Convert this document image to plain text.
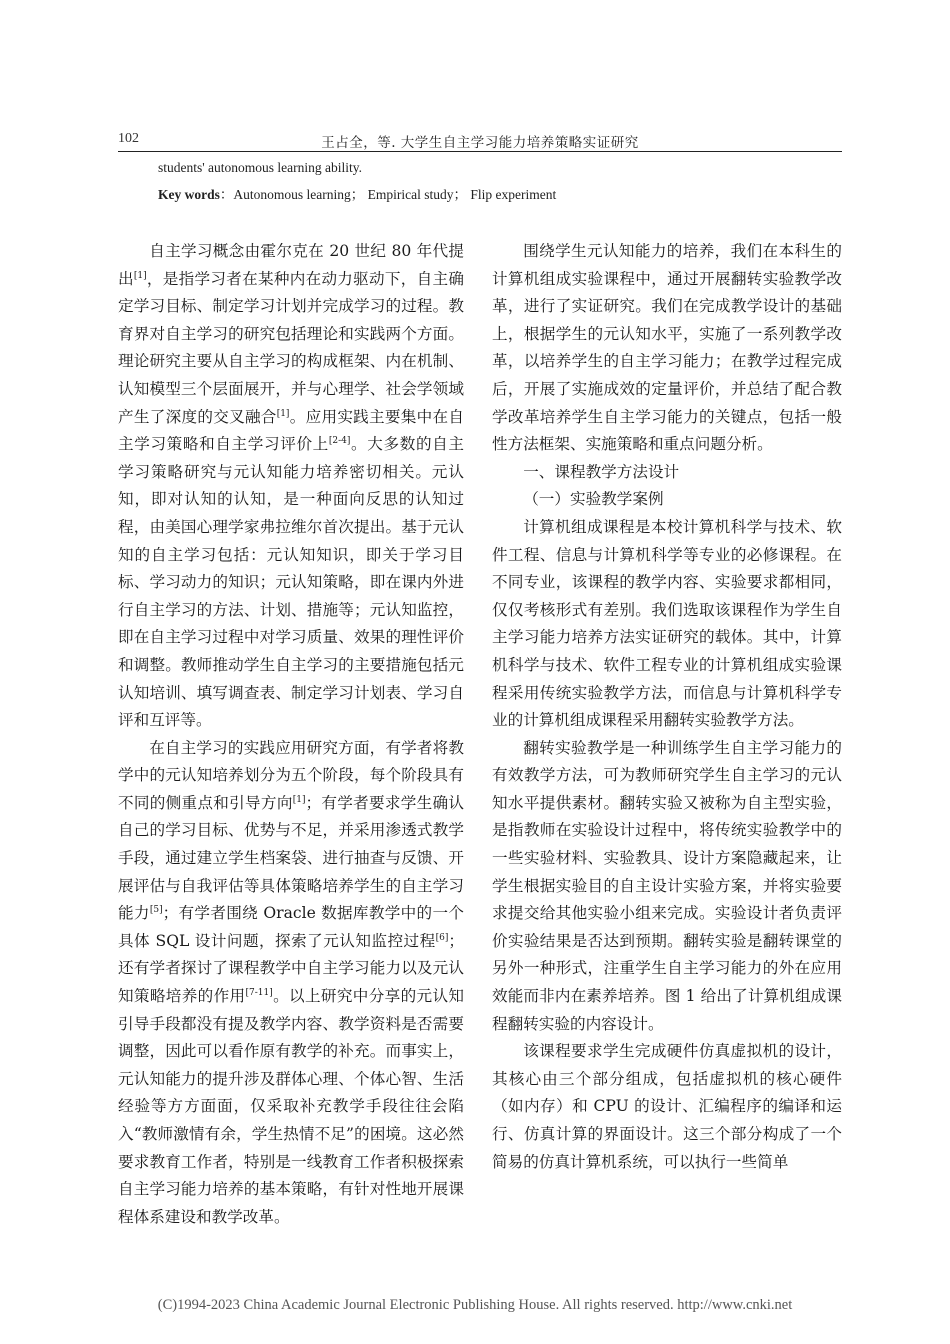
102	王占全，等. 大学生自主学习能力培养策略实证研究
students' autonomous learning ability.
Key words：Autonomous learning； Empirical study； Flip experiment

自主学习概念由霍尔克在 20 世纪 80 年代提出[1]，是指学习者在某种内在动力驱动下，自主确定学习目标、制定学习计划并完成学习的过程。教育界对自主学习的研究包括理论和实践两个方面。理论研究主要从自主学习的构成框架、内在机制、认知模型三个层面展开，并与心理学、社会学领域产生了深度的交叉融合[1]。应用实践主要集中在自主学习策略和自主学习评价上[2-4]。大多数的自主学习策略研究与元认知能力培养密切相关。元认知，即对认知的认知，是一种面向反思的认知过程，由美国心理学家弗拉维尔首次提出。基于元认知的自主学习包括：元认知知识，即关于学习目标、学习动力的知识；元认知策略，即在课内外进行自主学习的方法、计划、措施等；元认知监控，即在自主学习过程中对学习质量、效果的理性评价和调整。教师推动学生自主学习的主要措施包括元认知培训、填写调查表、制定学习计划表、学习自评和互评等。

在自主学习的实践应用研究方面，有学者将教学中的元认知培养划分为五个阶段，每个阶段具有不同的侧重点和引导方向[1]；有学者要求学生确认自己的学习目标、优势与不足，并采用渗透式教学手段，通过建立学生档案袋、进行抽查与反馈、开展评估与自我评估等具体策略培养学生的自主学习能力[5]；有学者围绕 Oracle 数据库教学中的一个具体 SQL 设计问题，探索了元认知监控过程[6]；还有学者探讨了课程教学中自主学习能力以及元认知策略培养的作用[7-11]。以上研究中分享的元认知引导手段都没有提及教学内容、教学资料是否需要调整，因此可以看作原有教学的补充。而事实上，元认知能力的提升涉及群体心理、个体心智、生活经验等方方面面，仅采取补充教学手段往往会陷入“教师激情有余，学生热情不足”的困境。这必然要求教育工作者，特别是一线教育工作者积极探索自主学习能力培养的基本策略，有针对性地开展课程体系建设和教学改革。

围绕学生元认知能力的培养，我们在本科生的计算机组成实验课程中，通过开展翻转实验教学改革，进行了实证研究。我们在完成教学设计的基础上，根据学生的元认知水平，实施了一系列教学改革，以培养学生的自主学习能力；在教学过程完成后，开展了实施成效的定量评价，并总结了配合教学改革培养学生自主学习能力的关键点，包括一般性方法框架、实施策略和重点问题分析。

一、课程教学方法设计

（一）实验教学案例

计算机组成课程是本校计算机科学与技术、软件工程、信息与计算机科学等专业的必修课程。在不同专业，该课程的教学内容、实验要求都相同，仅仅考核形式有差别。我们选取该课程作为学生自主学习能力培养方法实证研究的载体。其中，计算机科学与技术、软件工程专业的计算机组成实验课程采用传统实验教学方法，而信息与计算机科学专业的计算机组成课程采用翻转实验教学方法。

翻转实验教学是一种训练学生自主学习能力的有效教学方法，可为教师研究学生自主学习的元认知水平提供素材。翻转实验又被称为自主型实验，是指教师在实验设计过程中，将传统实验教学中的一些实验材料、实验教具、设计方案隐藏起来，让学生根据实验目的自主设计实验方案，并将实验要求提交给其他实验小组来完成。实验设计者负责评价实验结果是否达到预期。翻转实验是翻转课堂的另外一种形式，注重学生自主学习能力的外在应用效能而非内在素养培养。图 1 给出了计算机组成课程翻转实验的内容设计。

该课程要求学生完成硬件仿真虚拟机的设计，其核心由三个部分组成，包括虚拟机的核心硬件（如内存）和 CPU 的设计、汇编程序的编译和运行、仿真计算的界面设计。这三个部分构成了一个简易的仿真计算机系统，可以执行一些简单

(C)1994-2023 China Academic Journal Electronic Publishing House. All rights reserved. http://www.cnki.net
